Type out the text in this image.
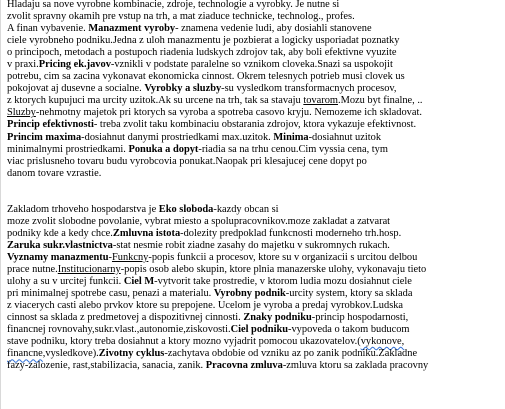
Hladaju sa nove vyrobne kombinacie, zdroje, technologie a vyrobky. Je nutne si
zvolit spravny okamih pre vstup na trh, a mat ziaduce technicke, technolog., profes.
A finan vybavenie. Manazment vyroby- znamena vedenie ludi, aby dosiahli stanovene
ciele vyrobneho podniku.Jedna z uloh manazmentu je pozbierat a logicky usporiadat poznatky
o principoch, metodach a postupoch riadenia ludskych zdrojov tak, aby boli efektivne vyuzite
v praxi.Pricing ek.javov-vznikli v podstate paralelne so vznikom cloveka.Snazi sa uspokojit
potrebu, cim sa zacina vykonavat ekonomicka cinnost. Okrem telesnych potrieb musi clovek us
pokojovat aj dusevne a socialne. Vyrobky a sluzby-su vysledkom transformacnych procesov,
z ktorych kupujuci ma urcity uzitok.Ak su urcene na trh, tak sa stavaju tovarom.Mozu byt finalne, ..
Sluzby-nehmotny majetok pri ktorych sa vyroba a spotreba casovo kryju. Nemozeme ich skladovat.
Princip efektivnosti- treba zvolit taku kombinaciu obstarania zdrojov, ktora vykazuje efektivnost.
Princim maxima-dosiahnut danymi prostriedkami max.uzitok. Minima-dosiahnut uzitok
minimalnymi prostriedkami. Ponuka a dopyt-riadia sa na trhu cenou.Cim vyssia cena, tym
viac prislusneho tovaru budu vyrobcovia ponukat.Naopak pri klesajucej cene dopyt po
danom tovare vzrastie.
Zakladom trhoveho hospodarstva je Eko sloboda-kazdy obcan si
moze zvolit slobodne povolanie, vybrat miesto a spolupracovnikov.moze zakladat a zatvarat
podniky kde a kedy chce.Zmluvna istota-dolezity predpoklad funkcnosti moderneho trh.hosp.
Zaruka sukr.vlastnictva-stat nesmie robit ziadne zasahy do majetku v sukromnych rukach.
Vyznamy manazmentu-Funkcny-popis funkcii a procesov, ktore su v organizacii s urcitou delbou
prace nutne.Institucionarny-popis osob alebo skupin, ktore plnia manazerske ulohy, vykonavaju tieto
ulohy a su v urcitej funkcii. Ciel M-vytvorit take prostredie, v ktorom ludia mozu dosiahnut ciele
pri minimalnej spotrebe casu, penazi a materialu. Vyrobny podnik-urcity system, ktory sa sklada
z viacerych casti alebo prvkov ktore su prepojene. Ucelom je vyroba a predaj vyrobkov.Ludska
cinnost sa sklada z predmetovej a dispozitivnej cinnosti. Znaky podniku-princip hospodarnosti,
financnej rovnovahy,sukr.vlast.,autonomie,ziskovosti.Ciel podniku-vypoveda o takom buducom
stave podniku, ktory treba dosiahnut a ktory mozno vyjadrit pomocou ukazovatelov.(vykonove,
financne,vysledkove).Zivotny cyklus-zachytava obdobie od vzniku az po zanik podniku.Zakladne
fazy-zalozenie, rast,stabilizacia, sanacia, zanik. Pracovna zmluva-zmluva ktoru sa zaklada pracovny
